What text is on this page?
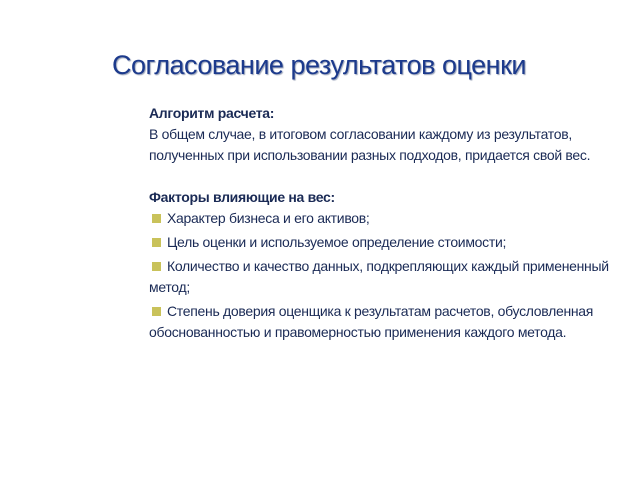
Согласование результатов оценки

Алгоритм расчета:

В общем случае, в итоговом согласовании каждому из результатов, полученных при использовании разных подходов, придается свой вес.

Факторы влияющие на вес:

Характер бизнеса и его активов;
Цель оценки и используемое определение стоимости;
Количество и качество данных, подкрепляющих каждый примененный метод;
Степень доверия оценщика к результатам расчетов, обусловленная обоснованностью и правомерностью применения каждого метода.
